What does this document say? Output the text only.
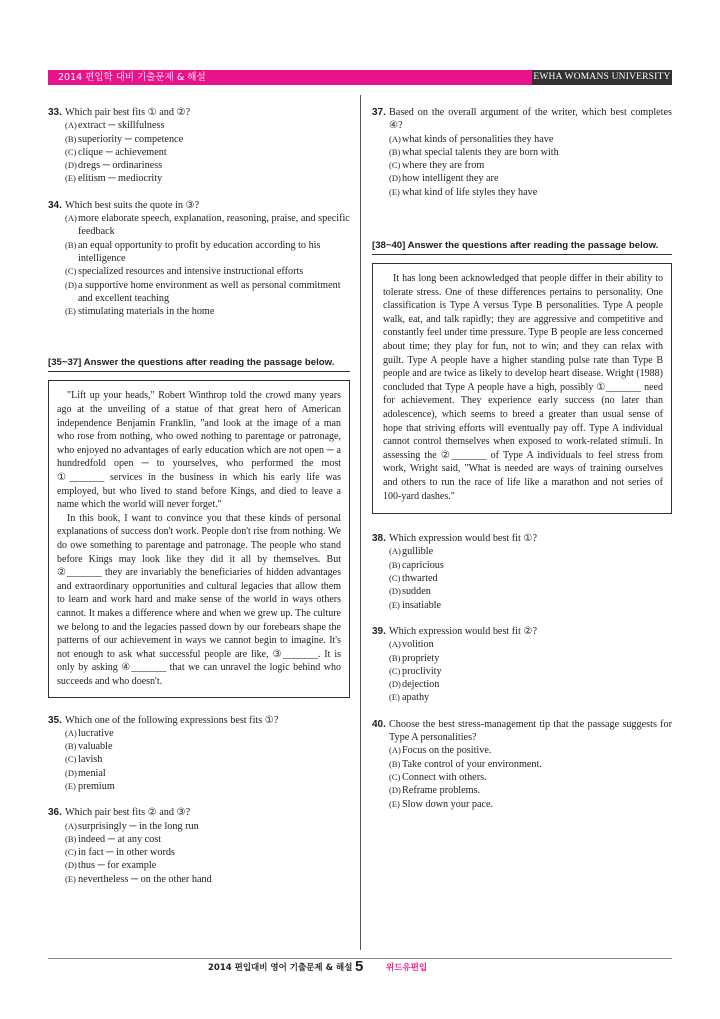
2014 편입학 대비 기출문제 & 해설	EWHA WOMANS UNIVERSITY
33. Which pair best fits ① and ②?
(A) extract ─ skillfulness
(B) superiority ─ competence
(C) clique ─ achievement
(D) dregs ─ ordinariness
(E) elitism ─ mediocrity
34. Which best suits the quote in ③?
(A) more elaborate speech, explanation, reasoning, praise, and specific feedback
(B) an equal opportunity to profit by education according to his intelligence
(C) specialized resources and intensive instructional efforts
(D) a supportive home environment as well as personal commitment and excellent teaching
(E) stimulating materials in the home
[35~37] Answer the questions after reading the passage below.

"Lift up your heads," Robert Winthrop told the crowd many years ago at the unveiling of a statue of that great hero of American independence Benjamin Franklin, "and look at the image of a man who rose from nothing, who owed nothing to parentage or patronage, who enjoyed no advantages of early education which are not open ─ a hundredfold open ─ to yourselves, who performed the most ①_______ services in the business in which his early life was employed, but who lived to stand before Kings, and died to leave a name which the world will never forget."

In this book, I want to convince you that these kinds of personal explanations of success don't work. People don't rise from nothing. We do owe something to parentage and patronage. The people who stand before Kings may look like they did it all by themselves. But ②_______ they are invariably the beneficiaries of hidden advantages and extraordinary opportunities and cultural legacies that allow them to learn and work hard and make sense of the world in ways others cannot. It makes a difference where and when we grew up. The culture we belong to and the legacies passed down by our forebears shape the patterns of our achievement in ways we cannot begin to imagine. It's not enough to ask what successful people are like, ③_______. It is only by asking ④_______ that we can unravel the logic behind who succeeds and who doesn't.

35. Which one of the following expressions best fits ①?
(A) lucrative
(B) valuable
(C) lavish
(D) menial
(E) premium
36. Which pair best fits ② and ③?
(A) surprisingly ─ in the long run
(B) indeed ─ at any cost
(C) in fact ─ in other words
(D) thus ─ for example
(E) nevertheless ─ on the other hand
37. Based on the overall argument of the writer, which best completes ④?
(A) what kinds of personalities they have
(B) what special talents they are born with
(C) where they are from
(D) how intelligent they are
(E) what kind of life styles they have
[38~40] Answer the questions after reading the passage below.

It has long been acknowledged that people differ in their ability to tolerate stress. One of these differences pertains to personality. One classification is Type A versus Type B personalities. Type A people walk, eat, and talk rapidly; they are aggressive and competitive and constantly feel under time pressure. Type B people are less concerned about time; they play for fun, not to win; and they can relax with guilt. Type A people have a higher standing pulse rate than Type B people and are twice as likely to develop heart disease. Wright (1988) concluded that Type A people have a high, possibly ①_______ need for achievement. They experience early success (no later than adolescence), which seems to breed a greater than usual sense of hope that striving efforts will eventually pay off. Type A individual cannot control themselves when exposed to work-related stimuli. In assessing the ②_______ of Type A individuals to feel stress from work, Wright said, "What is needed are ways of training ourselves and others to run the race of life like a marathon and not series of 100-yard dashes."

38. Which expression would best fit ①?
(A) gullible
(B) capricious
(C) thwarted
(D) sudden
(E) insatiable
39. Which expression would best fit ②?
(A) volition
(B) propriety
(C) proclivity
(D) dejection
(E) apathy
40. Choose the best stress-management tip that the passage suggests for Type A personalities?
(A) Focus on the positive.
(B) Take control of your environment.
(C) Connect with others.
(D) Reframe problems.
(E) Slow down your pace.
2014 편입대비 영어 기출문제 & 해설 5	위드유편입
